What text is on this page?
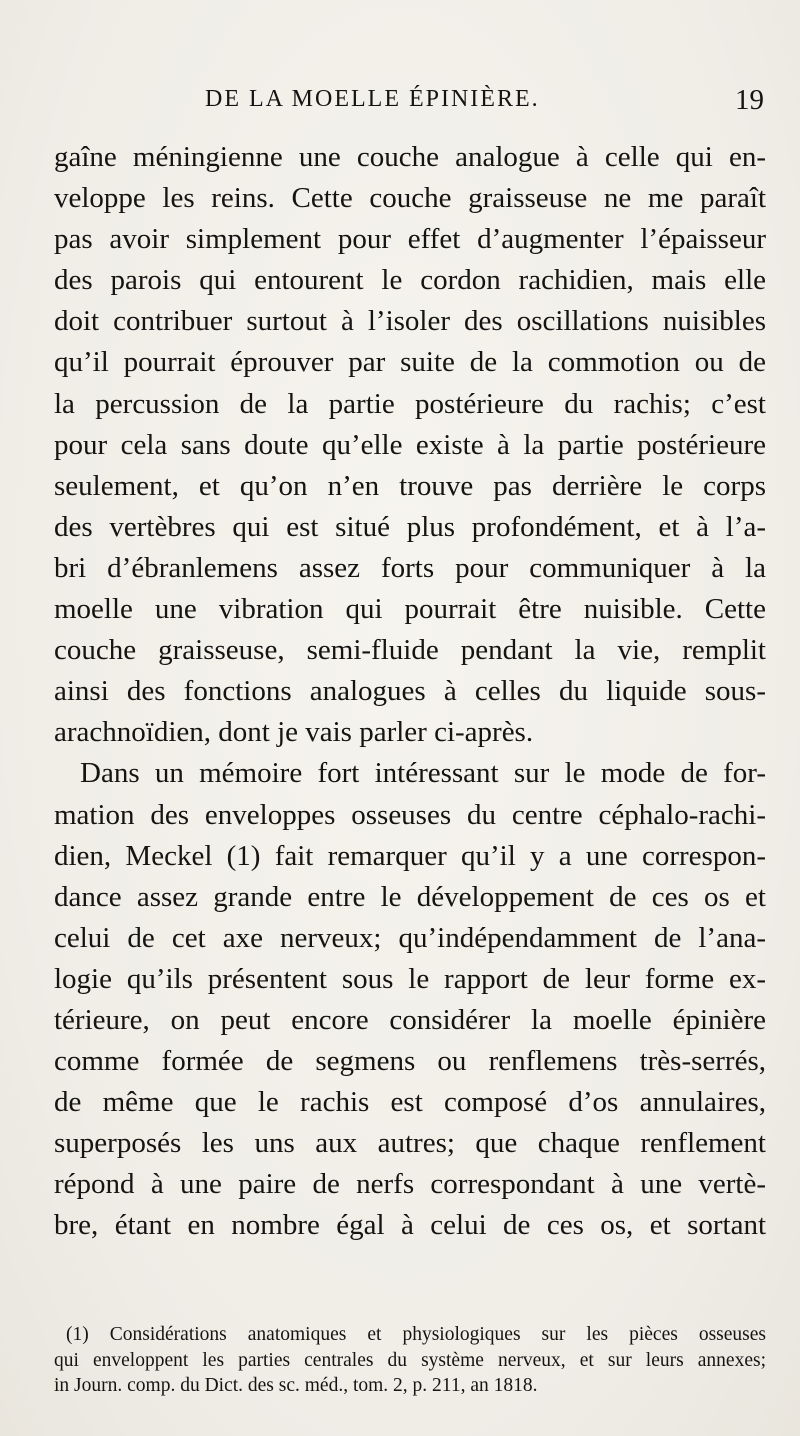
DE LA MOELLE ÉPINIÈRE.	19
gaîne méningienne une couche analogue à celle qui en-
veloppe les reins. Cette couche graisseuse ne me paraît
pas avoir simplement pour effet d’augmenter l’épaisseur
des parois qui entourent le cordon rachidien, mais elle
doit contribuer surtout à l’isoler des oscillations nuisibles
qu’il pourrait éprouver par suite de la commotion ou de
la percussion de la partie postérieure du rachis; c’est
pour cela sans doute qu’elle existe à la partie postérieure
seulement, et qu’on n’en trouve pas derrière le corps
des vertèbres qui est situé plus profondément, et à l’a-
bri d’ébranlemens assez forts pour communiquer à la
moelle une vibration qui pourrait être nuisible. Cette
couche graisseuse, semi-fluide pendant la vie, remplit
ainsi des fonctions analogues à celles du liquide sous-
arachnoïdien, dont je vais parler ci-après.
Dans un mémoire fort intéressant sur le mode de for-
mation des enveloppes osseuses du centre céphalo-rachi-
dien, Meckel (1) fait remarquer qu’il y a une correspon-
dance assez grande entre le développement de ces os et
celui de cet axe nerveux; qu’indépendamment de l’ana-
logie qu’ils présentent sous le rapport de leur forme ex-
térieure, on peut encore considérer la moelle épinière
comme formée de segmens ou renflemens très-serrés,
de même que le rachis est composé d’os annulaires,
superposés les uns aux autres; que chaque renflement
répond à une paire de nerfs correspondant à une vertè-
bre, étant en nombre égal à celui de ces os, et sortant
(1) Considérations anatomiques et physiologiques sur les pièces osseuses
qui enveloppent les parties centrales du système nerveux, et sur leurs annexes;
in Journ. comp. du Dict. des sc. méd., tom. 2, p. 211, an 1818.
